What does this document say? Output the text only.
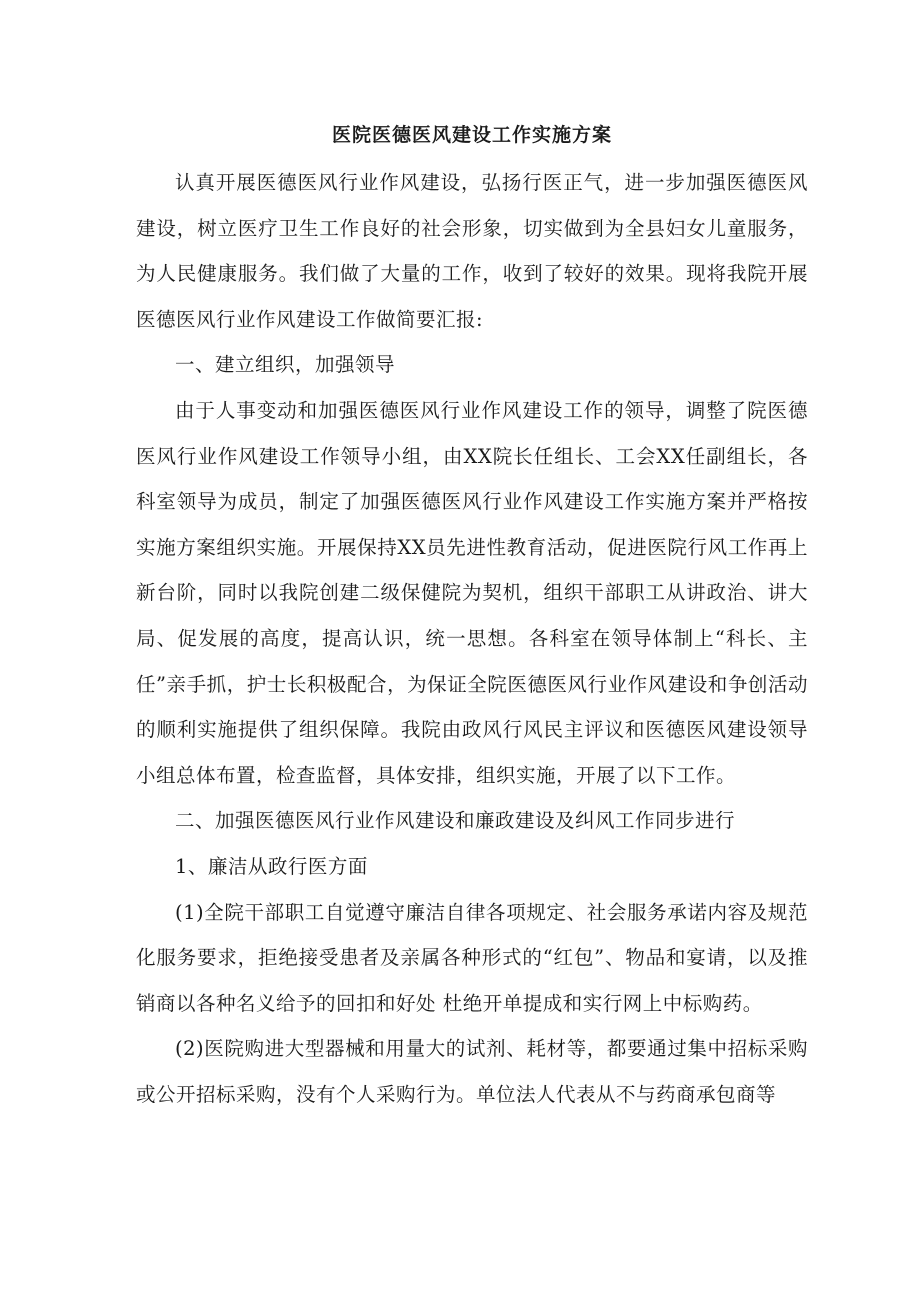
医院医德医风建设工作实施方案

认真开展医德医风行业作风建设，弘扬行医正气，进一步加强医德医风建设，树立医疗卫生工作良好的社会形象，切实做到为全县妇女儿童服务，为人民健康服务。我们做了大量的工作，收到了较好的效果。现将我院开展医德医风行业作风建设工作做简要汇报:

一、建立组织，加强领导

由于人事变动和加强医德医风行业作风建设工作的领导，调整了院医德医风行业作风建设工作领导小组，由XX院长任组长、工会XX任副组长，各科室领导为成员，制定了加强医德医风行业作风建设工作实施方案并严格按实施方案组织实施。开展保持XX员先进性教育活动，促进医院行风工作再上新台阶，同时以我院创建二级保健院为契机，组织干部职工从讲政治、讲大局、促发展的高度，提高认识，统一思想。各科室在领导体制上“科长、主任”亲手抓，护士长积极配合，为保证全院医德医风行业作风建设和争创活动的顺利实施提供了组织保障。我院由政风行风民主评议和医德医风建设领导小组总体布置，检查监督，具体安排，组织实施，开展了以下工作。

二、加强医德医风行业作风建设和廉政建设及纠风工作同步进行

1、廉洁从政行医方面

(1)全院干部职工自觉遵守廉洁自律各项规定、社会服务承诺内容及规范化服务要求，拒绝接受患者及亲属各种形式的“红包”、物品和宴请，以及推销商以各种名义给予的回扣和好处 杜绝开单提成和实行网上中标购药。

(2)医院购进大型器械和用量大的试剂、耗材等，都要通过集中招标采购或公开招标采购，没有个人采购行为。单位法人代表从不与药商承包商等
